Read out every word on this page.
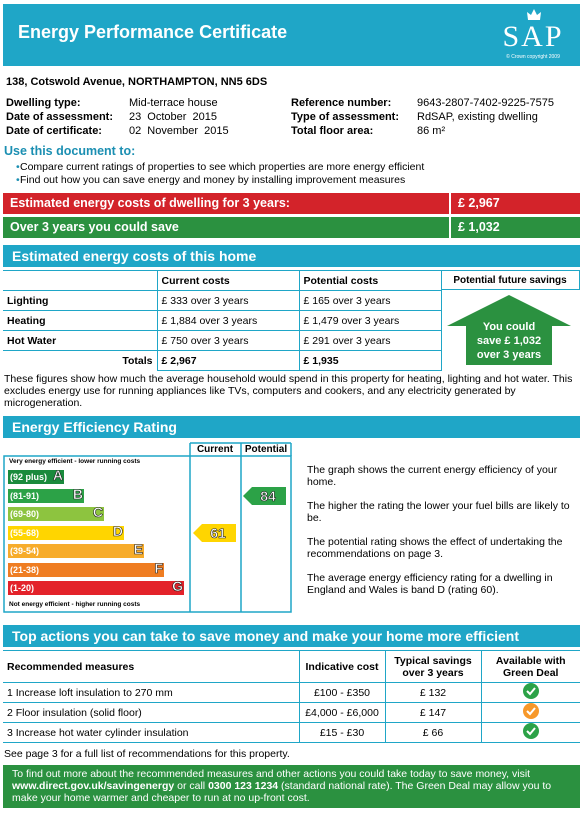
Energy Performance Certificate	SAP
© Crown copyright 2009
138, Cotswold Avenue, NORTHAMPTON, NN5 6DS
Dwelling type:	Mid-terrace house
Date of assessment: 23 October 2015
Date of certificate: 02 November 2015
Reference number: 9643-2807-7402-9225-7575
Type of assessment: RdSAP, existing dwelling
Total floor area:	86 m²
Use this document to:
• Compare current ratings of properties to see which properties are more energy efficient
• Find out how you can save energy and money by installing improvement measures
Estimated energy costs of dwelling for 3 years:	£ 2,967
Over 3 years you could save	£ 1,032
Estimated energy costs of this home
	Current costs	Potential costs
Lighting	£ 333 over 3 years	£ 165 over 3 years
Heating	£ 1,884 over 3 years	£ 1,479 over 3 years
Hot Water	£ 750 over 3 years	£ 291 over 3 years
Totals	£ 2,967	£ 1,935
Potential future savings
You could
save £ 1,032
over 3 years
These figures show how much the average household would spend in this property for heating, lighting and hot water. This excludes energy use for running appliances like TVs, computers and cookers, and any electricity generated by microgeneration.
Energy Efficiency Rating
Current	Potential
Very energy efficient - lower running costs
(92 plus) A
(81-91) B
(69-80)	C
(55-68)	D
(39-54)	E
(21-38)	F
(1-20)	G
Not energy efficient - higher running costs
61
84
The graph shows the current energy efficiency of your home.
The higher the rating the lower your fuel bills are likely to be.
The potential rating shows the effect of undertaking the recommendations on page 3.
The average energy efficiency rating for a dwelling in England and Wales is band D (rating 60).
Top actions you can take to save money and make your home more efficient
Recommended measures	Indicative cost	Typical savings over 3 years	Available with Green Deal
1 Increase loft insulation to 270 mm	£100 - £350	£ 132	
2 Floor insulation (solid floor)	£4,000 - £6,000	£ 147	
3 Increase hot water cylinder insulation	£15 - £30	£ 66	
See page 3 for a full list of recommendations for this property.
To find out more about the recommended measures and other actions you could take today to save money, visit
www.direct.gov.uk/savingenergy or call 0300 123 1234 (standard national rate). The Green Deal may allow you to
make your home warmer and cheaper to run at no up-front cost.
